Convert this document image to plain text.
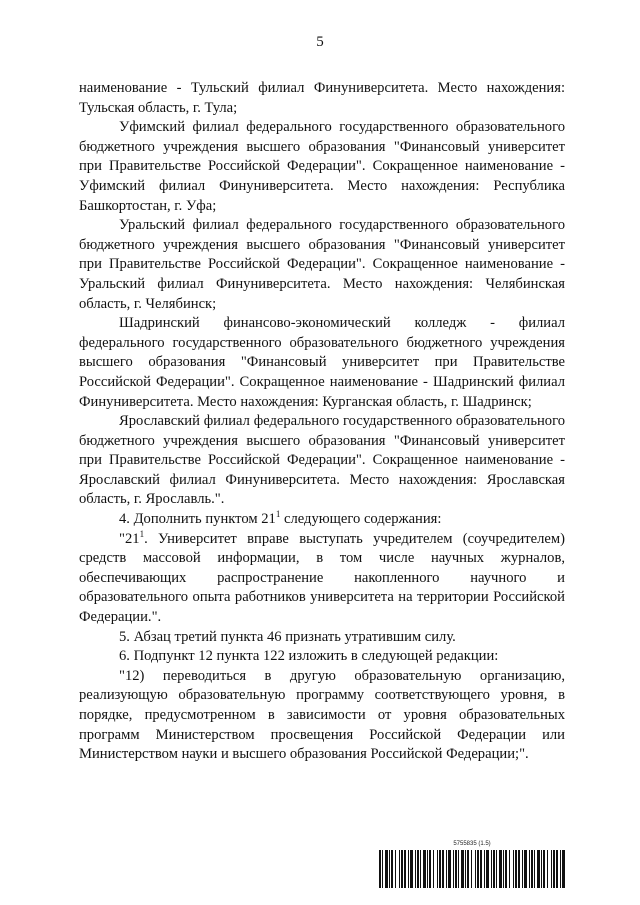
5

наименование - Тульский филиал Финуниверситета. Место нахождения: Тульская область, г. Тула;

Уфимский филиал федерального государственного образовательного бюджетного учреждения высшего образования "Финансовый университет при Правительстве Российской Федерации". Сокращенное наименование - Уфимский филиал Финуниверситета. Место нахождения: Республика Башкортостан, г. Уфа;

Уральский филиал федерального государственного образовательного бюджетного учреждения высшего образования "Финансовый университет при Правительстве Российской Федерации". Сокращенное наименование - Уральский филиал Финуниверситета. Место нахождения: Челябинская область, г. Челябинск;

Шадринский финансово-экономический колледж - филиал федерального государственного образовательного бюджетного учреждения высшего образования "Финансовый университет при Правительстве Российской Федерации". Сокращенное наименование - Шадринский филиал Финуниверситета. Место нахождения: Курганская область, г. Шадринск;

Ярославский филиал федерального государственного образовательного бюджетного учреждения высшего образования "Финансовый университет при Правительстве Российской Федерации". Сокращенное наименование - Ярославский филиал Финуниверситета. Место нахождения: Ярославская область, г. Ярославль.".

4. Дополнить пунктом $21^1$ следующего содержания:

"$21^1$. Университет вправе выступать учредителем (соучредителем) средств массовой информации, в том числе научных журналов, обеспечивающих распространение накопленного научного и образовательного опыта работников университета на территории Российской Федерации.".

5. Абзац третий пункта 46 признать утратившим силу.

6. Подпункт 12 пункта 122 изложить в следующей редакции:

"12) переводиться в другую образовательную организацию, реализующую образовательную программу соответствующего уровня, в порядке, предусмотренном в зависимости от уровня образовательных программ Министерством просвещения Российской Федерации или Министерством науки и высшего образования Российской Федерации;".

5755835 (1.5)
